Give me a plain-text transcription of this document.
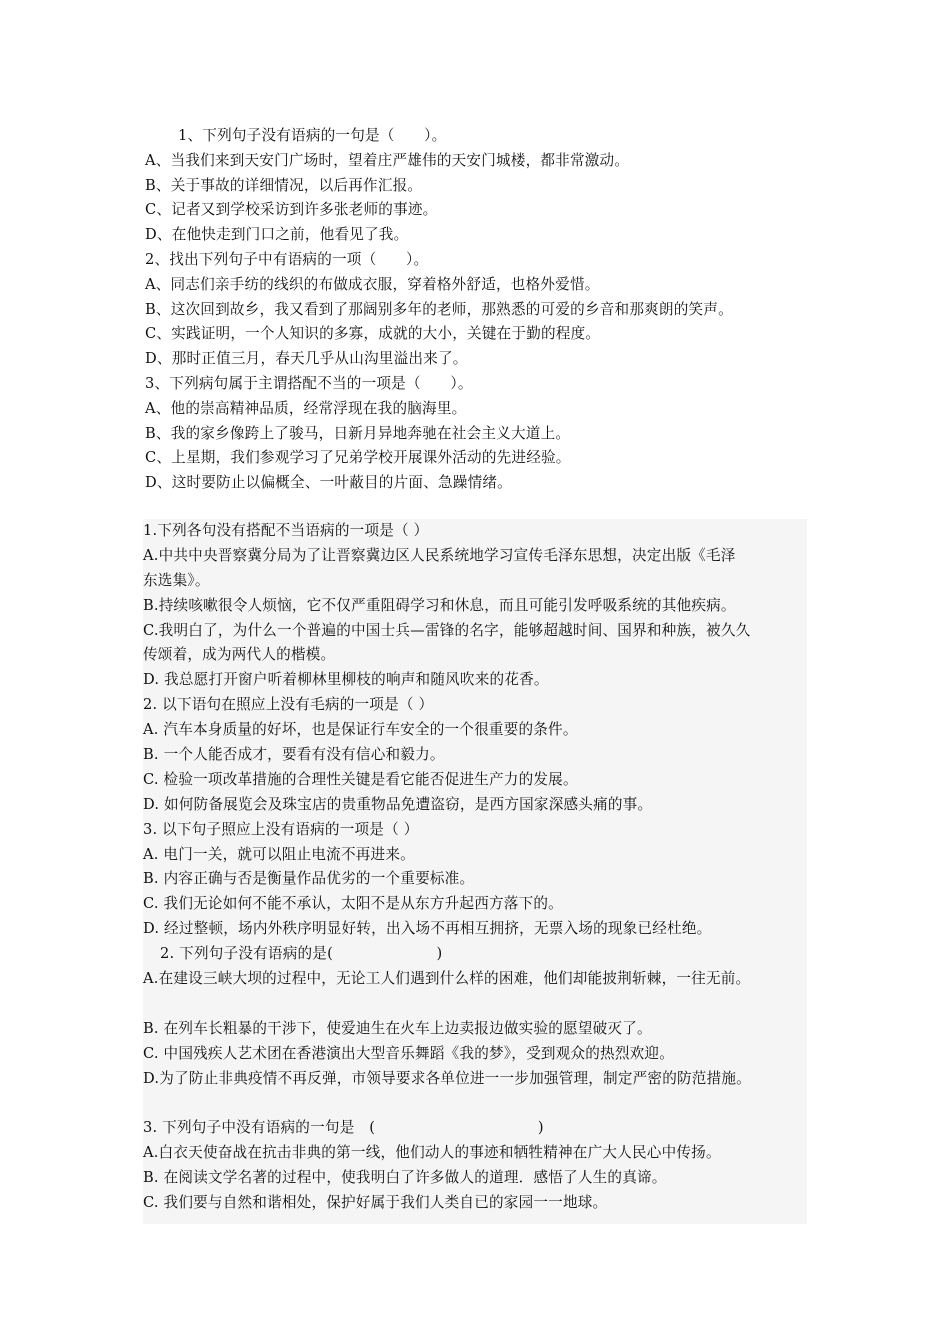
1、下列句子没有语病的一句是（　　）。
A、当我们来到天安门广场时，望着庄严雄伟的天安门城楼，都非常激动。
B、关于事故的详细情况，以后再作汇报。
C、记者又到学校采访到许多张老师的事迹。
D、在他快走到门口之前，他看见了我。
2、找出下列句子中有语病的一项（　　）。
A、同志们亲手纺的线织的布做成衣服，穿着格外舒适，也格外爱惜。
B、这次回到故乡，我又看到了那阔别多年的老师，那熟悉的可爱的乡音和那爽朗的笑声。
C、实践证明，一个人知识的多寡，成就的大小，关键在于勤的程度。
D、那时正值三月，春天几乎从山沟里溢出来了。
3、下列病句属于主谓搭配不当的一项是（　　）。
A、他的崇高精神品质，经常浮现在我的脑海里。
B、我的家乡像跨上了骏马，日新月异地奔驰在社会主义大道上。
C、上星期，我们参观学习了兄弟学校开展课外活动的先进经验。
D、这时要防止以偏概全、一叶蔽目的片面、急躁情绪。
1.下列各句没有搭配不当语病的一项是（ ）
A.中共中央晋察冀分局为了让晋察冀边区人民系统地学习宣传毛泽东思想，决定出版《毛泽
东选集》。
B.持续咳嗽很令人烦恼，它不仅严重阻碍学习和休息，而且可能引发呼吸系统的其他疾病。
C.我明白了，为什么一个普遍的中国士兵—雷锋的名字，能够超越时间、国界和种族，被久久
传颂着，成为两代人的楷模。
D. 我总愿打开窗户听着柳林里柳枝的响声和随风吹来的花香。
2. 以下语句在照应上没有毛病的一项是（ ）
A. 汽车本身质量的好坏，也是保证行车安全的一个很重要的条件。
B. 一个人能否成才，要看有没有信心和毅力。
C. 检验一项改革措施的合理性关键是看它能否促进生产力的发展。
D. 如何防备展览会及珠宝店的贵重物品免遭盗窃，是西方国家深感头痛的事。
3. 以下句子照应上没有语病的一项是（ ）
A. 电门一关，就可以阻止电流不再进来。
B. 内容正确与否是衡量作品优劣的一个重要标准。
C. 我们无论如何不能不承认，太阳不是从东方升起西方落下的。
D. 经过整顿，场内外秩序明显好转，出入场不再相互拥挤，无票入场的现象已经杜绝。
2. 下列句子没有语病的是(　　　　　　　)
A.在建设三峡大坝的过程中，无论工人们遇到什么样的困难，他们却能披荆斩棘，一往无前。
B. 在列车长粗暴的干涉下，使爱迪生在火车上边卖报边做实验的愿望破灭了。
C. 中国残疾人艺术团在香港演出大型音乐舞蹈《我的梦》，受到观众的热烈欢迎。
D.为了防止非典疫情不再反弹，市领导要求各单位进一一步加强管理，制定严密的防范措施。
3. 下列句子中没有语病的一句是　(　　　　　　　　　　　)
A.白衣天使奋战在抗击非典的第一线，他们动人的事迹和牺牲精神在广大人民心中传扬。
B. 在阅读文学名著的过程中，使我明白了许多做人的道理．感悟了人生的真谛。
C. 我们要与自然和谐相处，保护好属于我们人类自已的家园一一地球。
